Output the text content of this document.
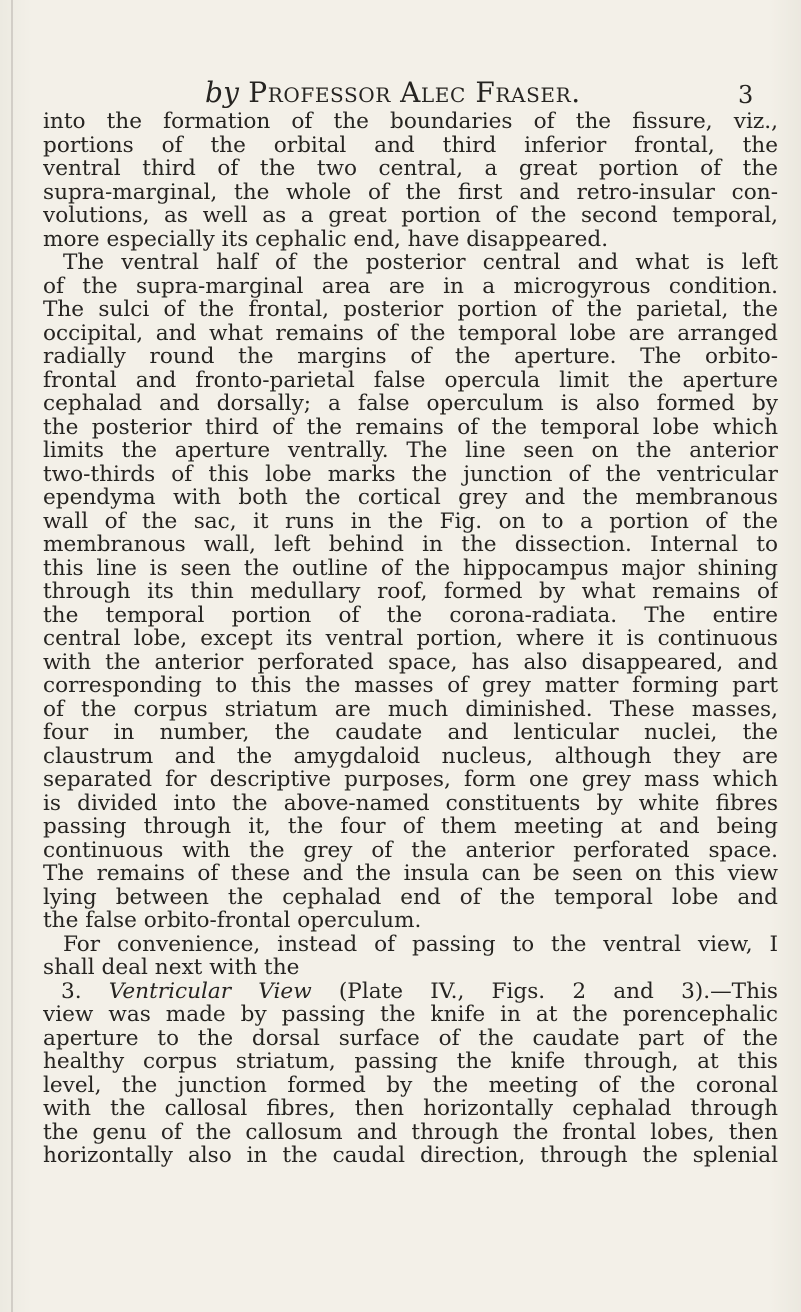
by Professor Alec Fraser.	3
into the formation of the boundaries of the fissure, viz.,
portions of the orbital and third inferior frontal, the
ventral third of the two central, a great portion of the
supra-marginal, the whole of the first and retro-insular con-
volutions, as well as a great portion of the second temporal,
more especially its cephalic end, have disappeared.
The ventral half of the posterior central and what is left
of the supra-marginal area are in a microgyrous condition.
The sulci of the frontal, posterior portion of the parietal, the
occipital, and what remains of the temporal lobe are arranged
radially round the margins of the aperture. The orbito-
frontal and fronto-parietal false opercula limit the aperture
cephalad and dorsally; a false operculum is also formed by
the posterior third of the remains of the temporal lobe which
limits the aperture ventrally. The line seen on the anterior
two-thirds of this lobe marks the junction of the ventricular
ependyma with both the cortical grey and the membranous
wall of the sac, it runs in the Fig. on to a portion of the
membranous wall, left behind in the dissection. Internal to
this line is seen the outline of the hippocampus major shining
through its thin medullary roof, formed by what remains of
the temporal portion of the corona-radiata. The entire
central lobe, except its ventral portion, where it is continuous
with the anterior perforated space, has also disappeared, and
corresponding to this the masses of grey matter forming part
of the corpus striatum are much diminished. These masses,
four in number, the caudate and lenticular nuclei, the
claustrum and the amygdaloid nucleus, although they are
separated for descriptive purposes, form one grey mass which
is divided into the above-named constituents by white fibres
passing through it, the four of them meeting at and being
continuous with the grey of the anterior perforated space.
The remains of these and the insula can be seen on this view
lying between the cephalad end of the temporal lobe and
the false orbito-frontal operculum.
For convenience, instead of passing to the ventral view, I
shall deal next with the
3. Ventricular View (Plate IV., Figs. 2 and 3).—This
view was made by passing the knife in at the porencephalic
aperture to the dorsal surface of the caudate part of the
healthy corpus striatum, passing the knife through, at this
level, the junction formed by the meeting of the coronal
with the callosal fibres, then horizontally cephalad through
the genu of the callosum and through the frontal lobes, then
horizontally also in the caudal direction, through the splenial
